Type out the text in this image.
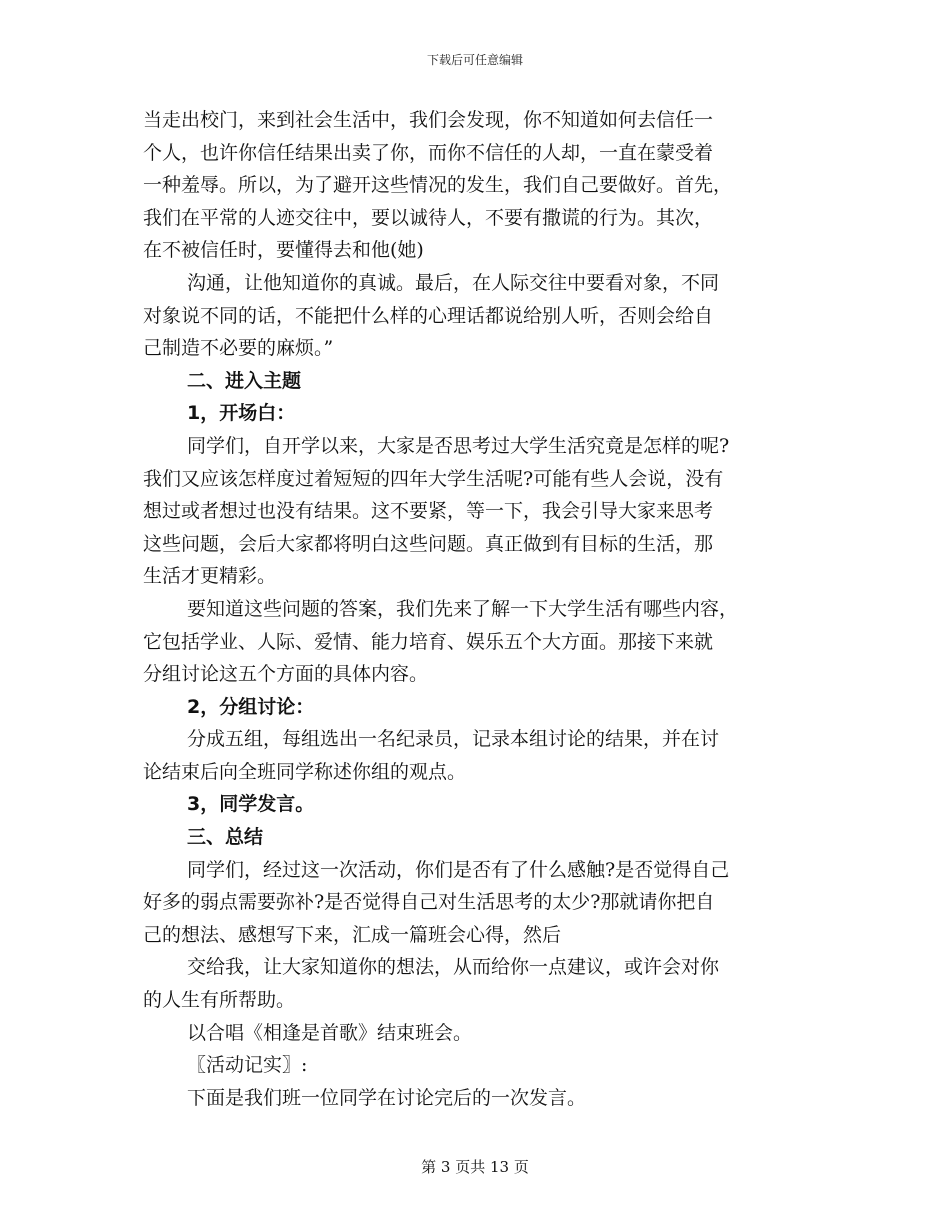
下载后可任意编辑
当走出校门，来到社会生活中，我们会发现，你不知道如何去信任一
个人，也许你信任结果出卖了你，而你不信任的人却，一直在蒙受着
一种羞辱。所以，为了避开这些情况的发生，我们自己要做好。首先，
我们在平常的人迹交往中，要以诚待人，不要有撒谎的行为。其次，
在不被信任时，要懂得去和他(她)
沟通，让他知道你的真诚。最后，在人际交往中要看对象，不同
对象说不同的话，不能把什么样的心理话都说给别人听，否则会给自
己制造不必要的麻烦。”
二、进入主题
1，开场白：
同学们，自开学以来，大家是否思考过大学生活究竟是怎样的呢?
我们又应该怎样度过着短短的四年大学生活呢?可能有些人会说，没有
想过或者想过也没有结果。这不要紧，等一下，我会引导大家来思考
这些问题，会后大家都将明白这些问题。真正做到有目标的生活，那
生活才更精彩。
要知道这些问题的答案，我们先来了解一下大学生活有哪些内容，
它包括学业、人际、爱情、能力培育、娱乐五个大方面。那接下来就
分组讨论这五个方面的具体内容。
2，分组讨论：
分成五组，每组选出一名纪录员，记录本组讨论的结果，并在讨
论结束后向全班同学称述你组的观点。
3，同学发言。
三、总结
同学们，经过这一次活动，你们是否有了什么感触?是否觉得自己
好多的弱点需要弥补?是否觉得自己对生活思考的太少?那就请你把自
己的想法、感想写下来，汇成一篇班会心得，然后
交给我，让大家知道你的想法，从而给你一点建议，或许会对你
的人生有所帮助。
以合唱《相逢是首歌》结束班会。
〖活动记实〗:
下面是我们班一位同学在讨论完后的一次发言。
第 3 页共 13 页
